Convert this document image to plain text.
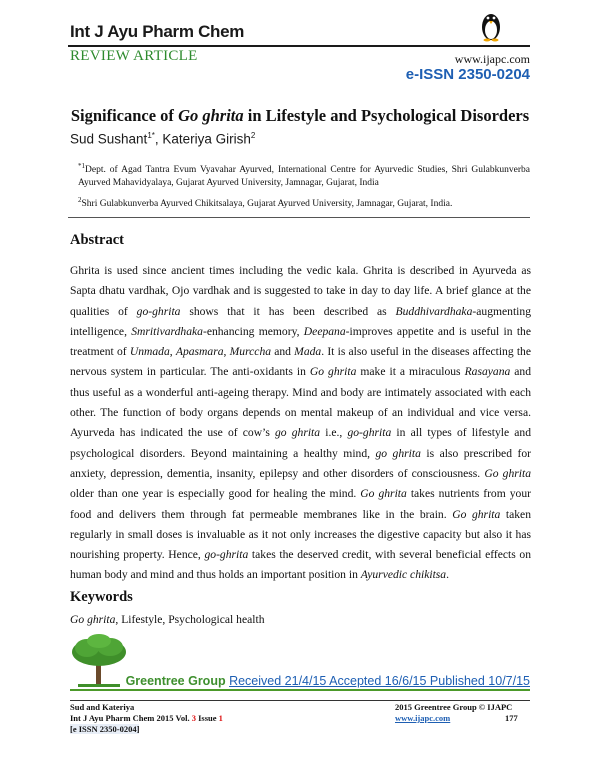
Int J Ayu Pharm Chem
REVIEW ARTICLE	www.ijapc.com
e-ISSN 2350-0204
Significance of Go ghrita in Lifestyle and Psychological Disorders
Sud Sushant$^{1*}$, Kateriya Girish$^2$
$^{*1}$Dept. of Agad Tantra Evum Vyavahar Ayurved, International Centre for Ayurvedic Studies, Shri Gulabkunverba Ayurved Mahavidyalaya, Gujarat Ayurved University, Jamnagar, Gujarat, India
$^2$Shri Gulabkunverba Ayurved Chikitsalaya, Gujarat Ayurved University, Jamnagar, Gujarat, India.
Abstract
Ghrita is used since ancient times including the vedic kala. Ghrita is described in Ayurveda as Sapta dhatu vardhak, Ojo vardhak and is suggested to take in day to day life. A brief glance at the qualities of go-ghrita shows that it has been described as Buddhivardhaka-augmenting intelligence, Smritivardhaka-enhancing memory, Deepana-improves appetite and is useful in the treatment of Unmada, Apasmara, Murccha and Mada. It is also useful in the diseases affecting the nervous system in particular. The anti-oxidants in Go ghrita make it a miraculous Rasayana and thus useful as a wonderful anti-ageing therapy. Mind and body are intimately associated with each other. The function of body organs depends on mental makeup of an individual and vice versa. Ayurveda has indicated the use of cow’s go ghrita i.e., go-ghrita in all types of lifestyle and psychological disorders. Beyond maintaining a healthy mind, go ghrita is also prescribed for anxiety, depression, dementia, insanity, epilepsy and other disorders of consciousness. Go ghrita older than one year is especially good for healing the mind. Go ghrita takes nutrients from your food and delivers them through fat permeable membranes like in the brain. Go ghrita taken regularly in small doses is invaluable as it not only increases the digestive capacity but also it has nourishing property. Hence, go-ghrita takes the deserved credit, with several beneficial effects on human body and mind and thus holds an important position in Ayurvedic chikitsa.
Keywords
Go ghrita, Lifestyle, Psychological health
Greentree Group Received 21/4/15 Accepted 16/6/15 Published 10/7/15
Sud and Kateriya
Int J Ayu Pharm Chem 2015 Vol. 3 Issue 1
[e ISSN 2350-0204]
2015 Greentree Group © IJAPC
www.ijapc.com	177
